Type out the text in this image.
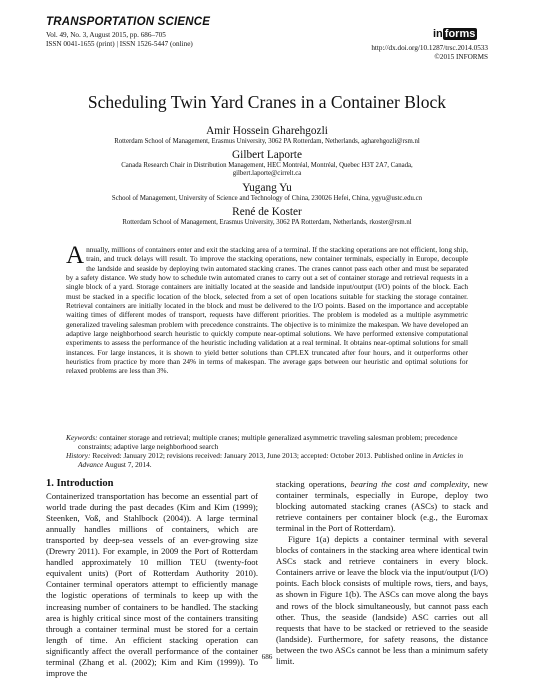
TRANSPORTATION SCIENCE
Vol. 49, No. 3, August 2015, pp. 686–705
ISSN 0041-1655 (print) | ISSN 1526-5447 (online)
in forms
http://dx.doi.org/10.1287/trsc.2014.0533
©2015 INFORMS
Scheduling Twin Yard Cranes in a Container Block
Amir Hossein Gharehgozli
Rotterdam School of Management, Erasmus University, 3062 PA Rotterdam, Netherlands, agharehgozli@rsm.nl
Gilbert Laporte
Canada Research Chair in Distribution Management, HEC Montréal, Montréal, Quebec H3T 2A7, Canada,
gilbert.laporte@cirrelt.ca
Yugang Yu
School of Management, University of Science and Technology of China, 230026 Hefei, China, ygyu@ustc.edu.cn
René de Koster
Rotterdam School of Management, Erasmus University, 3062 PA Rotterdam, Netherlands, rkoster@rsm.nl
Annually, millions of containers enter and exit the stacking area of a terminal. If the stacking operations are not efficient, long ship, train, and truck delays will result. To improve the stacking operations, new container terminals, especially in Europe, decouple the landside and seaside by deploying twin automated stacking cranes. The cranes cannot pass each other and must be separated by a safety distance. We study how to schedule twin automated cranes to carry out a set of container storage and retrieval requests in a single block of a yard. Storage containers are initially located at the seaside and landside input/output (I/O) points of the block. Each must be stacked in a specific location of the block, selected from a set of open locations suitable for stacking the storage container. Retrieval containers are initially located in the block and must be delivered to the I/O points. Based on the importance and acceptable waiting times of different modes of transport, requests have different priorities. The problem is modeled as a multiple asymmetric generalized traveling salesman problem with precedence constraints. The objective is to minimize the makespan. We have developed an adaptive large neighborhood search heuristic to quickly compute near-optimal solutions. We have performed extensive computational experiments to assess the performance of the heuristic including validation at a real terminal. It obtains near-optimal solutions for small instances. For large instances, it is shown to yield better solutions than CPLEX truncated after four hours, and it outperforms other heuristics from practice by more than 24% in terms of makespan. The average gaps between our heuristic and optimal solutions for relaxed problems are less than 3%.
Keywords: container storage and retrieval; multiple cranes; multiple generalized asymmetric traveling salesman problem; precedence constraints; adaptive large neighborhood search
History: Received: January 2012; revisions received: January 2013, June 2013; accepted: October 2013. Published online in Articles in Advance August 7, 2014.
1. Introduction
Containerized transportation has become an essential part of world trade during the past decades (Kim and Kim (1999); Steenken, Voß, and Stahlbock (2004)). A large terminal annually handles millions of containers, which are transported by deep-sea vessels of an ever-growing size (Drewry 2011). For example, in 2009 the Port of Rotterdam handled approximately 10 million TEU (twenty-foot equivalent units) (Port of Rotterdam Authority 2010). Container terminal operators attempt to efficiently manage the logistic operations of terminals to keep up with the increasing number of containers to be handled. The stacking area is highly critical since most of the containers transiting through a container terminal must be stored for a certain length of time. An efficient stacking operation can significantly affect the overall performance of the container terminal (Zhang et al. (2002); Kim and Kim (1999)). To improve the
stacking operations, bearing the cost and complexity, new container terminals, especially in Europe, deploy two blocking automated stacking cranes (ASCs) to stack and retrieve containers per container block (e.g., the Euromax terminal in the Port of Rotterdam).
Figure 1(a) depicts a container terminal with several blocks of containers in the stacking area where identical twin ASCs stack and retrieve containers in every block. Containers arrive or leave the block via the input/output (I/O) points. Each block consists of multiple rows, tiers, and bays, as shown in Figure 1(b). The ASCs can move along the bays and rows of the block simultaneously, but cannot pass each other. Thus, the seaside (landside) ASC carries out all requests that have to be stacked or retrieved to the seaside (landside). Furthermore, for safety reasons, the distance between the two ASCs cannot be less than a minimum safety limit.
686
